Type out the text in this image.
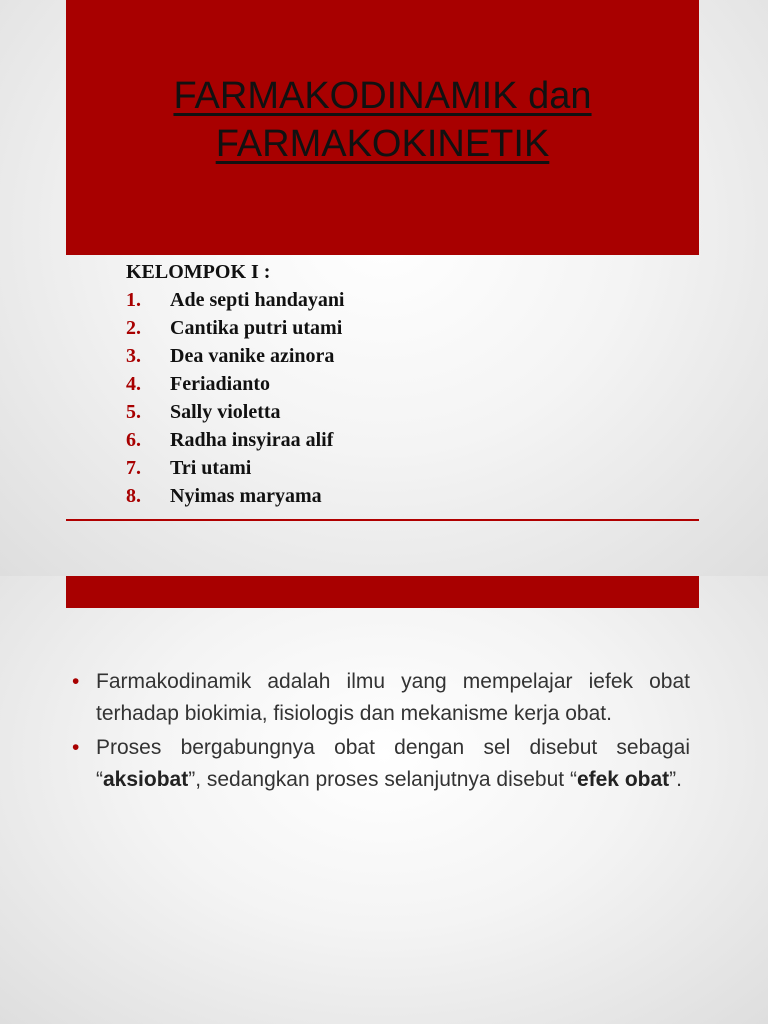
FARMAKODINAMIK dan
FARMAKOKINETIK
KELOMPOK I :
1. Ade septi handayani
2. Cantika putri utami
3. Dea vanike azinora
4. Feriadianto
5. Sally violetta
6. Radha insyiraa alif
7. Tri utami
8. Nyimas maryama
• Farmakodinamik adalah ilmu yang mempelajar iefek obat terhadap biokimia, fisiologis dan mekanisme kerja obat.
• Proses bergabungnya obat dengan sel disebut sebagai “aksiobat”, sedangkan proses selanjutnya disebut “efek obat”.
